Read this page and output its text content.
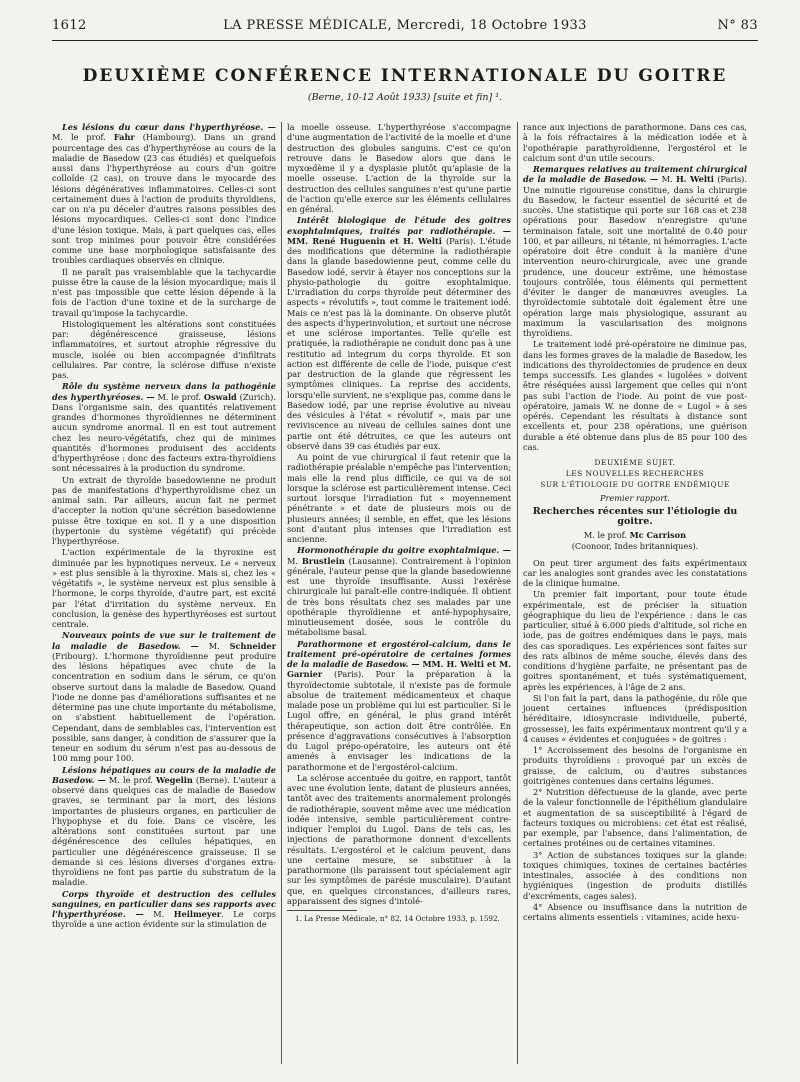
1612	LA PRESSE MÉDICALE, Mercredi, 18 Octobre 1933	N° 83
DEUXIÈME CONFÉRENCE INTERNATIONALE DU GOITRE
(Berne, 10-12 Août 1933) [suite et fin] ¹.

Les lésions du cœur dans l'hyperthyréose. — M. le prof. Fahr (Hambourg). Dans un grand pourcentage des cas d'hyperthyréose au cours de la maladie de Basedow (23 cas étudiés) et quelquefois aussi dans l'hyperthyréose au cours d'un goitre colloïde (2 cas), on trouve dans le myocarde des lésions dégénératives inflammatoires. Celles-ci sont certainement dues à l'action de produits thyroïdiens, car on n'a pu déceler d'autres raisons possibles des lésions myocardiques. Celles-ci sont donc l'indice d'une lésion toxique. Mais, à part quelques cas, elles sont trop minimes pour pouvoir être considérées comme une base morphologique satisfaisante des troubles cardiaques observés en clinique.

Il ne paraît pas vraisemblable que la tachycardie puisse être la cause de la lésion myocardique; mais il n'est pas impossible que cette lésion dépende à la fois de l'action d'une toxine et de la surcharge de travail qu'impose la tachycardie.

Histologiquement les altérations sont constituées par: dégénérescence graisseuse, lésions inflammatoires, et surtout atrophie régressive du muscle, isolée ou bien accompagnée d'infiltrats cellulaires. Par contre, la sclérose diffuse n'existe pas.

Rôle du système nerveux dans la pathogénie des hyperthyréoses. — M. le prof. Oswald (Zurich). Dans l'organisme sain, des quantités relativement grandes d'hormones thyroïdiennes ne déterminent aucun syndrome anormal. Il en est tout autrement chez les neuro-végétatifs, chez qui de minimes quantités d'hormones produisent des accidents d'hyperthyréose : donc des facteurs extra-thyroïdiens sont nécessaires à la production du syndrome.

Un extrait de thyroïde basedowienne ne produit pas de manifestations d'hyperthyroïdisme chez un animal sain. Par ailleurs, aucun fait ne permet d'accepter la notion qu'une sécrétion basedowienne puisse être toxique en soi. Il y a une disposition (hypertonie du système végétatif) qui précède l'hyperthyréose.

L'action expérimentale de la thyroxine est diminuée par les hypnotiques nerveux. Le « nerveux » est plus sensible à la thyroxine. Mais si, chez les « végétatifs », le système nerveux est plus sensible à l'hormone, le corps thyroïde, d'autre part, est excité par l'état d'irritation du système nerveux. En conclusion, la genèse des hyperthyréoses est surtout centrale.

Nouveaux points de vue sur le traitement de la maladie de Basedow. — M. Schneider (Fribourg). L'hormone thyroïdienne peut produire des lésions hépatiques avec chute de la concentration en sodium dans le sérum, ce qu'on observe surtout dans la maladie de Basedow. Quand l'iode ne donne pas d'améliorations suffisantes et ne détermine pas une chute importante du métabolisme, on s'abstient habituellement de l'opération. Cependant, dans de semblables cas, l'intervention est possible, sans danger, à condition de s'assurer que la teneur en sodium du sérum n'est pas au-dessous de 100 mmg pour 100.

Lésions hépatiques au cours de la maladie de Basedow. — M. le prof. Wegelin (Berne). L'auteur a observé dans quelques cas de maladie de Basedow graves, se terminant par la mort, des lésions importantes de plusieurs organes, en particulier de l'hypophyse et du foie. Dans ce viscère, les altérations sont constituées surtout par une dégénérescence des cellules hépatiques, en particulier une dégénérescence graisseuse. Il se demande si ces lésions diverses d'organes extra-thyroïdiens ne font pas partie du substratum de la maladie.

Corps thyroïde et destruction des cellules sanguines, en particulier dans ses rapports avec l'hyperthyréose. — M. Heilmeyer. Le corps thyroïde a une action évidente sur la stimulation de

la moelle osseuse. L'hyperthyréose s'accompagne d'une augmentation de l'activité de la moelle et d'une destruction des globules sanguins. C'est ce qu'on retrouve dans le Basedow alors que dans le myxœdème il y a dysplasie plutôt qu'aplasie de la moelle osseuse. L'action de la thyroïde sur la destruction des cellules sanguines n'est qu'une partie de l'action qu'elle exerce sur les éléments cellulaires en général.

Intérêt biologique de l'étude des goitres exophtalmiques, traités par radiothérapie. — MM. René Huguenin et H. Welti (Paris). L'étude des modifications que détermine la radiothérapie dans la glande basedowienne peut, comme celle du Basedow iodé, servir à étayer nos conceptions sur la physio-pathologie du goitre exophtalmique. L'irradiation du corps thyroïde peut déterminer des aspects « révolutifs », tout comme le traitement iodé. Mais ce n'est pas là la dominante. On observe plutôt des aspects d'hyperinvolution, et surtout une nécrose et une sclérose importantes. Telle qu'elle est pratiquée, la radiothérapie ne conduit donc pas à une restitutio ad integrum du corps thyroïde. Et son action est différente de celle de l'iode, puisque c'est par destruction de la glande que régressent les symptômes cliniques. La reprise des accidents, lorsqu'elle survient, ne s'explique pas, comme dans le Basedow iodé, par une reprise évolutive au niveau des vésicules à l'état « révolutif », mais par une reviviscence au niveau de cellules saines dont une partie ont été détruites, ce que les auteurs ont observé dans 39 cas étudiés par eux.

Au point de vue chirurgical il faut retenir que la radiothérapie préalable n'empêche pas l'intervention; mais elle la rend plus difficile, ce qui va de soi lorsque la sclérose est particulièrement intense. Ceci surtout lorsque l'irradiation fut « moyennement pénétrante » et date de plusieurs mois ou de plusieurs années; il semble, en effet, que les lésions sont d'autant plus intenses que l'irradiation est ancienne.

Hormonothérapie du goitre exophtalmique. — M. Brustlein (Lausanne). Contrairement à l'opinion générale, l'auteur pense que la glande basedowienne est une thyroïde insuffisante. Aussi l'exérèse chirurgicale lui paraît-elle contre-indiquée. Il obtient de très bons résultats chez ses malades par une opothérapie thyroïdienne et anté-hypophysaire, minutieusement dosée, sous le contrôle du métabolisme basal.

Parathormone et ergostérol-calcium, dans le traitement pré-opératoire de certaines formes de la maladie de Basedow. — MM. H. Welti et M. Garnier (Paris). Pour la préparation à la thyroïdectomie subtotale, il n'existe pas de formule absolue de traitement médicamenteux et chaque malade pose un problème qui lui est particulier. Si le Lugol offre, en général, le plus grand intérêt thérapeutique, son action doit être contrôlée. En présence d'aggravations consécutives à l'absorption du Lugol prépo-opératoire, les auteurs ont été amenés à envisager les indications de la parathormone et de l'ergostérol-calcium.

La sclérose accentuée du goitre, en rapport, tantôt avec une évolution lente, datant de plusieurs années, tantôt avec des traitements anormalement prolongés de radiothérapie, souvent même avec une médication iodée intensive, semble particulièrement contre-indiquer l'emploi du Lugol. Dans de tels cas, les injections de parathormone donnent d'excellents résultats. L'ergostérol et le calcium peuvent, dans une certaine mesure, se substituer à la parathormone (ils paraissent tout spécialement agir sur les symptômes de parésie musculaire). D'autant que, en quelques circonstances, d'ailleurs rares, apparaissent des signes d'intolé-

1. La Presse Médicale, n° 82, 14 Octobre 1933, p. 1592.

rance aux injections de parathormone. Dans ces cas, à la fois réfractaires à la médication iodée et à l'opothérapie parathyroïdienne, l'ergostérol et le calcium sont d'un utile secours.

Remarques relatives au traitement chirurgical de la maladie de Basedow. — M. H. Welti (Paris). Une minutie rigoureuse constitue, dans la chirurgie du Basedow, le facteur essentiel de sécurité et de succès. Une statistique qui porte sur 168 cas et 238 opérations pour Basedow n'enregistre qu'une terminaison fatale, soit une mortalité de 0.40 pour 100, et par ailleurs, ni tétanie, ni hémorragies. L'acte opératoire doit être conduit à la manière d'une intervention neuro-chirurgicale, avec une grande prudence, une douceur extrême, une hémostase toujours contrôlée, tous éléments qui permettent d'éviter le danger de manœuvres aveugles. La thyroïdectomie subtotale doit également être une opération large mais physiologique, assurant au maximum la vascularisation des moignons thyroïdiens.

Le traitement iodé pré-opératoire ne diminue pas, dans les formes graves de la maladie de Basedow, les indications des thyroïdectomies de prudence en deux temps successifs. Les glandes « lugolées » doivent être réséquées aussi largement que celles qui n'ont pas subi l'action de l'iode. Au point de vue post-opératoire, jamais W. ne donne de « Lugol » à ses opérés. Cependant les résultats à distance sont excellents et, pour 238 opérations, une guérison durable a été obtenue dans plus de 85 pour 100 des cas.

DEUXIÈME SUJET.

LES NOUVELLES RECHERCHES

SUR L'ÉTIOLOGIE DU GOITRE ENDÉMIQUE

Premier rapport.

Recherches récentes sur l'étiologie du goitre.

M. le prof. Mc Carrison

(Coonoor, Indes britanniques).

On peut tirer argument des faits expérimentaux car les analogies sont grandes avec les constatations de la clinique humaine.

Un premier fait important, pour toute étude expérimentale, est de préciser la situation géographique du lieu de l'expérience : dans le cas particulier, situé à 6.000 pieds d'altitude, sol riche en iode, pas de goitres endémiques dans le pays, mais des cas sporadiques. Les expériences sont faites sur des rats albinos de même souche, élevés dans des conditions d'hygiène parfaite, ne présentant pas de goitres spontanément, et tués systématiquement, après les expériences, à l'âge de 2 ans.

Si l'on fait la part, dans la pathogénie, du rôle que jouent certaines influences (prédisposition héréditaire, idiosyncrasie individuelle, puberté, grossesse), les faits expérimentaux montrent qu'il y a 4 causes « évidentes et conjuguées » de goitres :

1° Accroissement des besoins de l'organisme en produits thyroïdiens : provoqué par un excès de graisse, de calcium, ou d'autres substances goitrigènes contenues dans certains légumes.

2° Nutrition défectueuse de la glande, avec perte de la valeur fonctionnelle de l'épithélium glandulaire et augmentation de sa susceptibilité à l'égard de facteurs toxiques ou microbiens: cet état est réalisé, par exemple, par l'absence, dans l'alimentation, de certaines protéines ou de certaines vitamines.

3° Action de substances toxiques sur la glande: toxiques chimiques, toxines de certaines bactéries intestinales, associée à des conditions non hygiéniques (ingestion de produits distillés d'excréments, cages sales).

4° Absence ou insuffisance dans la nutrition de certains aliments essentiels : vitamines, acide hexu-
